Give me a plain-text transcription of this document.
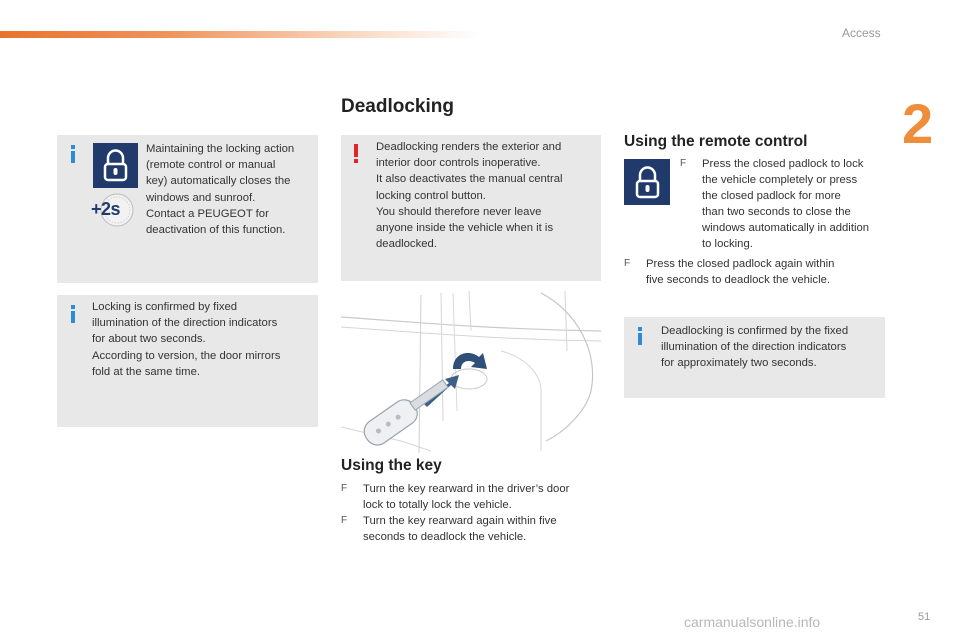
Access
2
51
carmanualsonline.info
Deadlocking
+2s

Maintaining the locking action

(remote control or manual

key) automatically closes the

windows and sunroof.

Contact a PEUGEOT for

deactivation of this function.

Locking is confirmed by fixed

illumination of the direction indicators

for about two seconds.

According to version, the door mirrors

fold at the same time.

Deadlocking renders the exterior and

interior door controls inoperative.

It also deactivates the manual central

locking control button.

You should therefore never leave

anyone inside the vehicle when it is

deadlocked.

Using the key
F Turn the key rearward in the driver’s door
lock to totally lock the vehicle.
F Turn the key rearward again within five
seconds to deadlock the vehicle.
Using the remote control
F Press the closed padlock to lock
the vehicle completely or press
the closed padlock for more
than two seconds to close the
windows automatically in addition
to locking.
F Press the closed padlock again within
five seconds to deadlock the vehicle.

Deadlocking is confirmed by the fixed

illumination of the direction indicators

for approximately two seconds.
